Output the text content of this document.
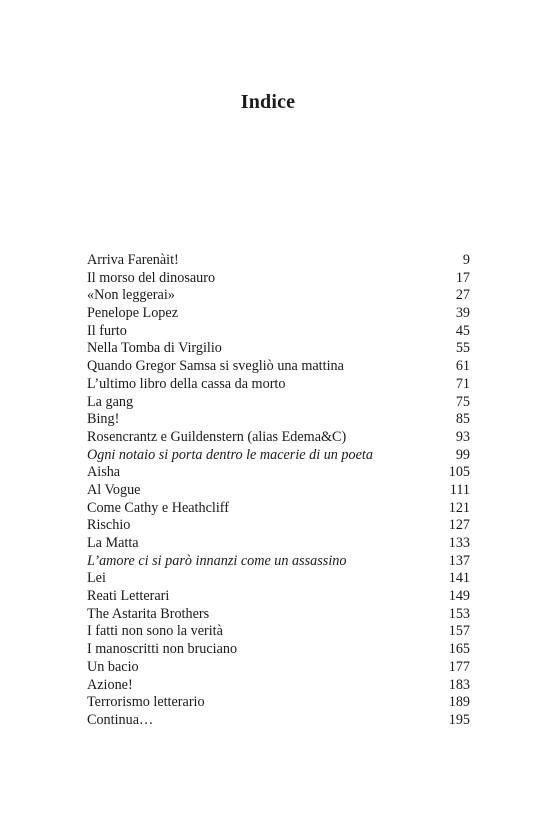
Indice
Arriva Farenàit!	9
Il morso del dinosauro	17
«Non leggerai»	27
Penelope Lopez	39
Il furto	45
Nella Tomba di Virgilio	55
Quando Gregor Samsa si svegliò una mattina	61
L’ultimo libro della cassa da morto	71
La gang	75
Bing!	85
Rosencrantz e Guildenstern (alias Edema&C)	93
Ogni notaio si porta dentro le macerie di un poeta	99
Aisha	105
Al Vogue	111
Come Cathy e Heathcliff	121
Rischio	127
La Matta	133
L’amore ci si parò innanzi come un assassino	137
Lei	141
Reati Letterari	149
The Astarita Brothers	153
I fatti non sono la verità	157
I manoscritti non bruciano	165
Un bacio	177
Azione!	183
Terrorismo letterario	189
Continua…	195
